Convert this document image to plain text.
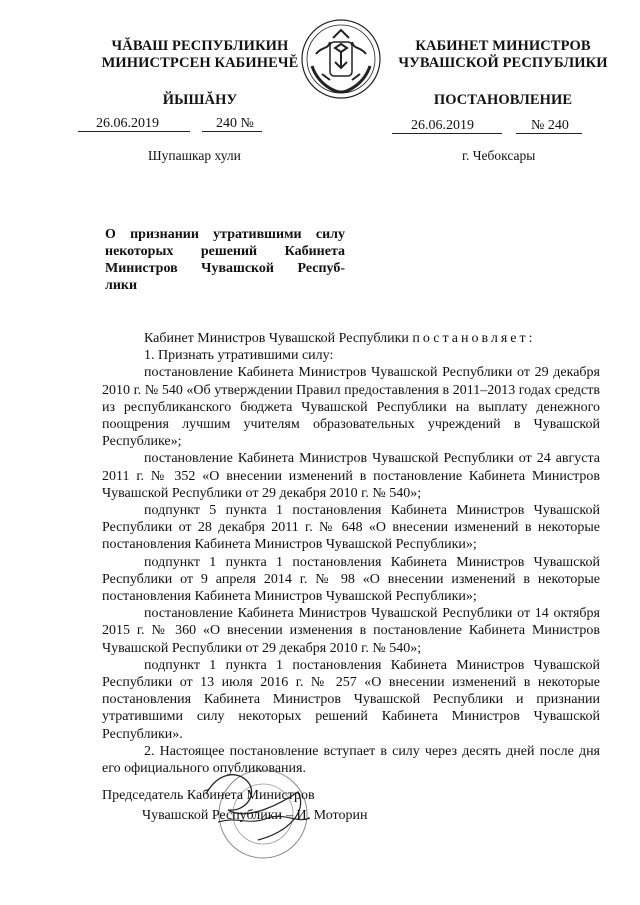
ЧĂВАШ РЕСПУБЛИКИН
МИНИСТРСЕН КАБИНЕЧĔ
ЙЫШĂНУ
КАБИНЕТ МИНИСТРОВ
ЧУВАШСКОЙ РЕСПУБЛИКИ
ПОСТАНОВЛЕНИЕ
26.06.2019	240 №	26.06.2019	№ 240
Шупашкар хули	г. Чебоксары
О признании утратившими силу
некоторых решений Кабинета
Министров Чувашской Респуб-
лики

Кабинет Министров Чувашской Республики постановляет:

1. Признать утратившими силу:

постановление Кабинета Министров Чувашской Республики от 29 декабря 2010 г. № 540 «Об утверждении Правил предоставления в 2011–2013 годах средств из республиканского бюджета Чувашской Республики на выплату денежного поощрения лучшим учителям образовательных учреждений в Чувашской Республике»;

постановление Кабинета Министров Чувашской Республики от 24 августа 2011 г. № 352 «О внесении изменений в постановление Кабинета Министров Чувашской Республики от 29 декабря 2010 г. № 540»;

подпункт 5 пункта 1 постановления Кабинета Министров Чувашской Республики от 28 декабря 2011 г. № 648 «О внесении изменений в некоторые постановления Кабинета Министров Чувашской Республики»;

подпункт 1 пункта 1 постановления Кабинета Министров Чувашской Республики от 9 апреля 2014 г. № 98 «О внесении изменений в некоторые постановления Кабинета Министров Чувашской Республики»;

постановление Кабинета Министров Чувашской Республики от 14 октября 2015 г. № 360 «О внесении изменения в постановление Кабинета Министров Чувашской Республики от 29 декабря 2010 г. № 540»;

подпункт 1 пункта 1 постановления Кабинета Министров Чувашской Республики от 13 июля 2016 г. № 257 «О внесении изменений в некоторые постановления Кабинета Министров Чувашской Республики и признании утратившими силу некоторых решений Кабинета Министров Чувашской Республики».

2. Настоящее постановление вступает в силу через десять дней после дня его официального опубликования.

Председатель Кабинета Министров
Чувашской Республики – И. Моторин
